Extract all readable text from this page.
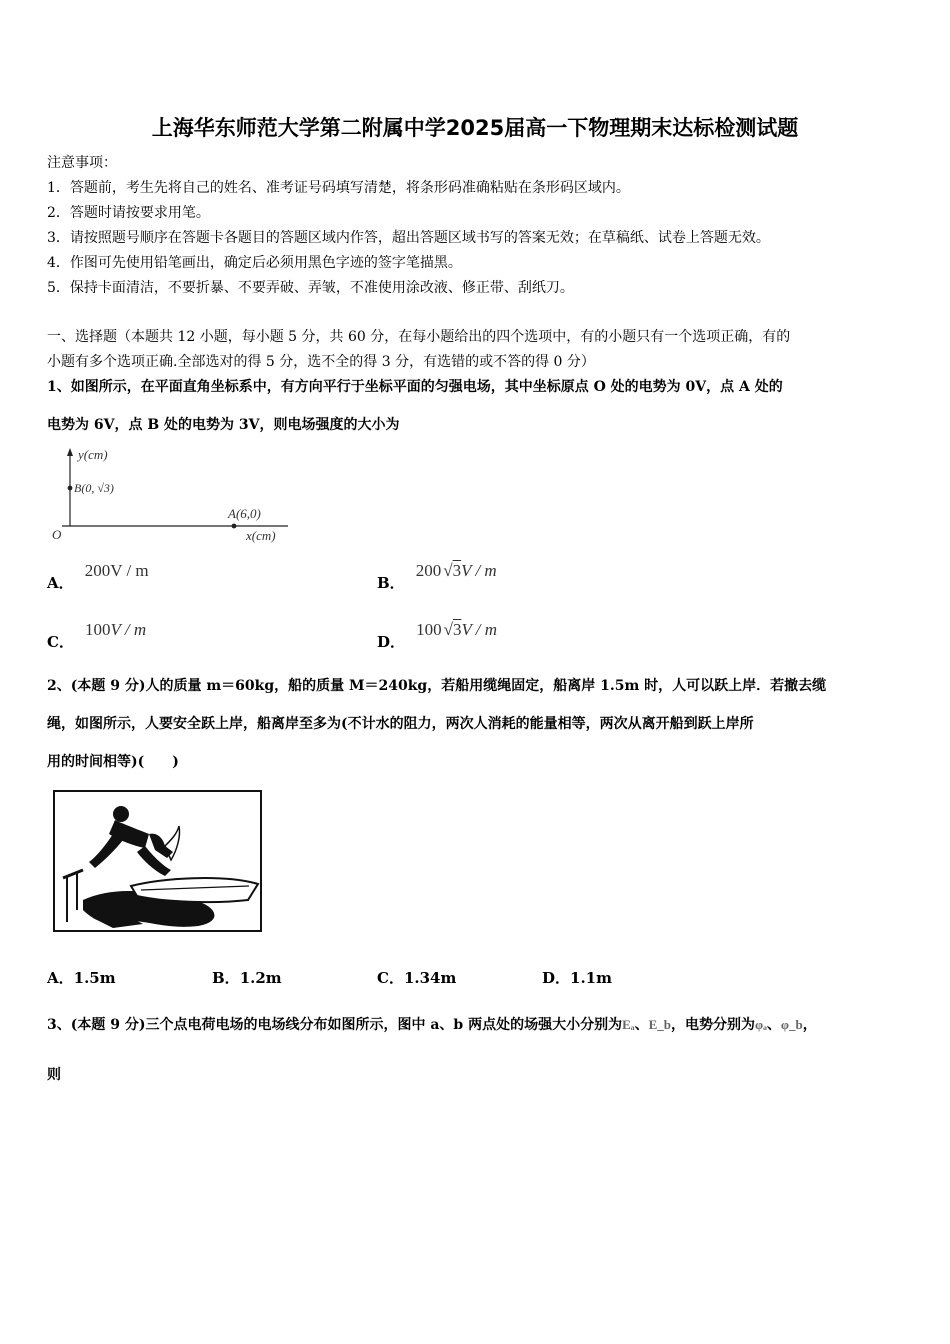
上海华东师范大学第二附属中学2025届高一下物理期末达标检测试题
注意事项：
1．答题前，考生先将自己的姓名、准考证号码填写清楚，将条形码准确粘贴在条形码区域内。
2．答题时请按要求用笔。
3．请按照题号顺序在答题卡各题目的答题区域内作答，超出答题区域书写的答案无效；在草稿纸、试卷上答题无效。
4．作图可先使用铅笔画出，确定后必须用黑色字迹的签字笔描黑。
5．保持卡面清洁，不要折暴、不要弄破、弄皱，不准使用涂改液、修正带、刮纸刀。
一、选择题（本题共 12 小题，每小题 5 分，共 60 分，在每小题给出的四个选项中，有的小题只有一个选项正确，有的
小题有多个选项正确.全部选对的得 5 分，选不全的得 3 分，有选错的或不答的得 0 分）
1、如图所示，在平面直角坐标系中，有方向平行于坐标平面的匀强电场，其中坐标原点 O 处的电势为 0V，点 A 处的
电势为 6V，点 B 处的电势为 3V，则电场强度的大小为
y(cm)
B(0, √3)
A(6,0)
O	x(cm)
A． 200V / m
B． 200 √3V / m
C． 100V / m
D． 100 √3V / m
2、(本题 9 分)人的质量 m＝60kg，船的质量 M＝240kg，若船用缆绳固定，船离岸 1.5m 时，人可以跃上岸．若撤去缆
绳，如图所示，人要安全跃上岸，船离岸至多为(不计水的阻力，两次人消耗的能量相等，两次从离开船到跃上岸所
用的时间相等)(　　)
A．1.5m	B．1.2m	C．1.34m	D．1.1m
3、(本题 9 分)三个点电荷电场的电场线分布如图所示，图中 a、b 两点处的场强大小分别为Eₐ、E_b，电势分别为φₐ、φ_b，
则
